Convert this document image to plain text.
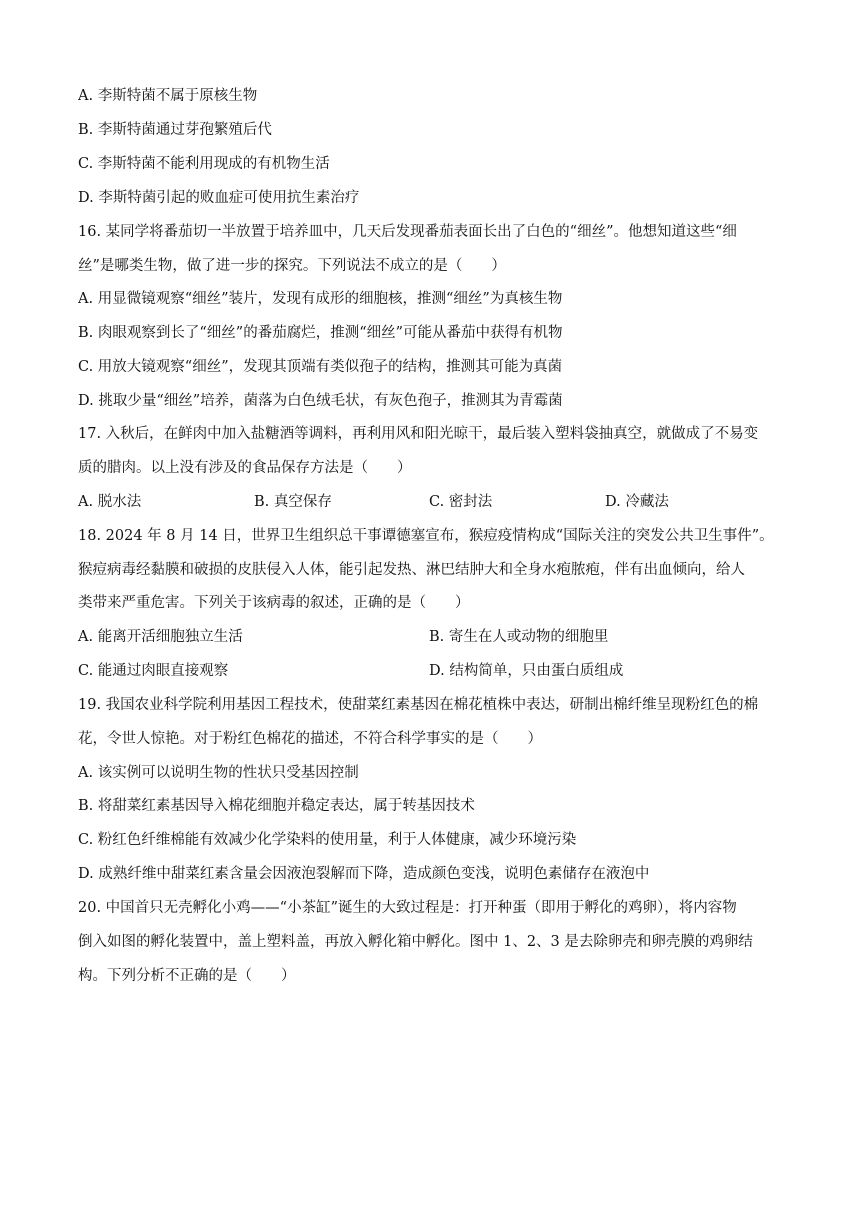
A. 李斯特菌不属于原核生物
B. 李斯特菌通过芽孢繁殖后代
C. 李斯特菌不能利用现成的有机物生活
D. 李斯特菌引起的败血症可使用抗生素治疗
16. 某同学将番茄切一半放置于培养皿中，几天后发现番茄表面长出了白色的“细丝”。他想知道这些“细
丝”是哪类生物，做了进一步的探究。下列说法不成立的是（　　）
A. 用显微镜观察“细丝”装片，发现有成形的细胞核，推测“细丝”为真核生物
B. 肉眼观察到长了“细丝”的番茄腐烂，推测“细丝”可能从番茄中获得有机物
C. 用放大镜观察“细丝”，发现其顶端有类似孢子的结构，推测其可能为真菌
D. 挑取少量“细丝”培养，菌落为白色绒毛状，有灰色孢子，推测其为青霉菌
17. 入秋后，在鲜肉中加入盐糖酒等调料，再利用风和阳光晾干，最后装入塑料袋抽真空，就做成了不易变
质的腊肉。以上没有涉及的食品保存方法是（　　）
A. 脱水法	B. 真空保存	C. 密封法	D. 冷藏法
18. 2024 年 8 月 14 日，世界卫生组织总干事谭德塞宣布，猴痘疫情构成“国际关注的突发公共卫生事件”。
猴痘病毒经黏膜和破损的皮肤侵入人体，能引起发热、淋巴结肿大和全身水疱脓疱，伴有出血倾向，给人
类带来严重危害。下列关于该病毒的叙述，正确的是（　　）
A. 能离开活细胞独立生活	B. 寄生在人或动物的细胞里
C. 能通过肉眼直接观察	D. 结构简单，只由蛋白质组成
19. 我国农业科学院利用基因工程技术，使甜菜红素基因在棉花植株中表达，研制出棉纤维呈现粉红色的棉
花，令世人惊艳。对于粉红色棉花的描述，不符合科学事实的是（　　）
A. 该实例可以说明生物的性状只受基因控制
B. 将甜菜红素基因导入棉花细胞并稳定表达，属于转基因技术
C. 粉红色纤维棉能有效减少化学染料的使用量，利于人体健康，减少环境污染
D. 成熟纤维中甜菜红素含量会因液泡裂解而下降，造成颜色变浅，说明色素储存在液泡中
20. 中国首只无壳孵化小鸡——“小茶缸”诞生的大致过程是：打开种蛋（即用于孵化的鸡卵），将内容物
倒入如图的孵化装置中，盖上塑料盖，再放入孵化箱中孵化。图中 1、2、3 是去除卵壳和卵壳膜的鸡卵结
构。下列分析不正确的是（　　）
